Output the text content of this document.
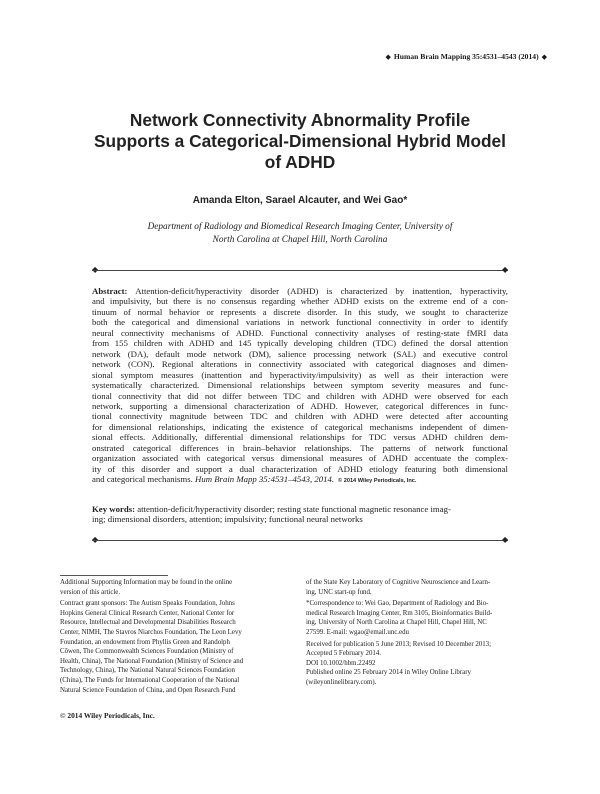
◆ Human Brain Mapping 35:4531–4543 (2014) ◆
Network Connectivity Abnormality Profile
Supports a Categorical-Dimensional Hybrid Model
of ADHD
Amanda Elton, Sarael Alcauter, and Wei Gao*
Department of Radiology and Biomedical Research Imaging Center, University of
North Carolina at Chapel Hill, North Carolina
◆	◆
Abstract: Attention-deficit/hyperactivity disorder (ADHD) is characterized by inattention, hyperactivity,
and impulsivity, but there is no consensus regarding whether ADHD exists on the extreme end of a con-
tinuum of normal behavior or represents a discrete disorder. In this study, we sought to characterize
both the categorical and dimensional variations in network functional connectivity in order to identify
neural connectivity mechanisms of ADHD. Functional connectivity analyses of resting-state fMRI data
from 155 children with ADHD and 145 typically developing children (TDC) defined the dorsal attention
network (DA), default mode network (DM), salience processing network (SAL) and executive control
network (CON). Regional alterations in connectivity associated with categorical diagnoses and dimen-
sional symptom measures (inattention and hyperactivity/impulsivity) as well as their interaction were
systematically characterized. Dimensional relationships between symptom severity measures and func-
tional connectivity that did not differ between TDC and children with ADHD were observed for each
network, supporting a dimensional characterization of ADHD. However, categorical differences in func-
tional connectivity magnitude between TDC and children with ADHD were detected after accounting
for dimensional relationships, indicating the existence of categorical mechanisms independent of dimen-
sional effects. Additionally, differential dimensional relationships for TDC versus ADHD children dem-
onstrated categorical differences in brain–behavior relationships. The patterns of network functional
organization associated with categorical versus dimensional measures of ADHD accentuate the complex-
ity of this disorder and support a dual characterization of ADHD etiology featuring both dimensional
and categorical mechanisms. Hum Brain Mapp 35:4531–4543, 2014. © 2014 Wiley Periodicals, Inc.
Key words: attention-deficit/hyperactivity disorder; resting state functional magnetic resonance imag-
ing; dimensional disorders, attention; impulsivity; functional neural networks
◆	◆
Additional Supporting Information may be found in the online
version of this article.
Contract grant sponsors: The Autism Speaks Foundation, Johns
Hopkins General Clinical Research Center, National Center for
Resource, Intellectual and Developmental Disabilities Research
Center, NIMH, The Stavros Niarchos Foundation, The Leon Levy
Foundation, an endowment from Phyllis Green and Randolph
Cōwen, The Commonwealth Sciences Foundation (Ministry of
Health, China), The National Foundation (Ministry of Science and
Technology, China), The National Natural Sciences Foundation
(China), The Funds for International Cooperation of the National
Natural Science Foundation of China, and Open Research Fund
of the State Key Laboratory of Cognitive Neuroscience and Learn-
ing, UNC start-up fund.
*Correspondence to: Wei Gao, Department of Radiology and Bio-
medical Research Imaging Center, Rm 3105, Bioinformatics Build-
ing, University of North Carolina at Chapel Hill, Chapel Hill, NC
27599. E-mail: wgao@email.unc.edu
Received for publication 5 June 2013; Revised 10 December 2013;
Accepted 5 February 2014.
DOI 10.1002/hbm.22492
Published online 25 February 2014 in Wiley Online Library
(wileyonlinelibrary.com).
© 2014 Wiley Periodicals, Inc.
